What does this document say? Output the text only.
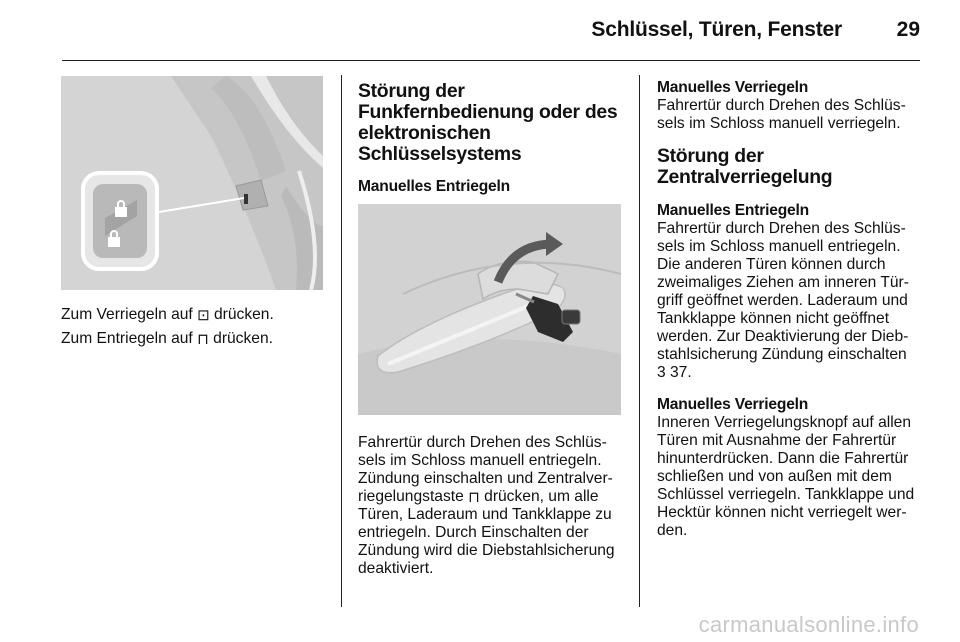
Schlüssel, Türen, Fenster	29

Zum Verriegeln auf ⊡ drücken.

Zum Entriegeln auf ⊓ drücken.

Störung der Funkfernbedienung oder des elektronischen Schlüsselsystems
Manuelles Entriegeln

Fahrertür durch Drehen des Schlüssels im Schloss manuell entriegeln. Zündung einschalten und Zentralverriegelungstaste ⊓ drücken, um alle Türen, Laderaum und Tankklappe zu entriegeln. Durch Einschalten der Zündung wird die Diebstahlsicherung deaktiviert.

Manuelles Verriegeln

Fahrertür durch Drehen des Schlüssels im Schloss manuell verriegeln.

Störung der Zentralverriegelung
Manuelles Entriegeln

Fahrertür durch Drehen des Schlüssels im Schloss manuell entriegeln. Die anderen Türen können durch zweimaliges Ziehen am inneren Türgriff geöffnet werden. Laderaum und Tankklappe können nicht geöffnet werden. Zur Deaktivierung der Diebstahlsicherung Zündung einschalten
3 37.

Manuelles Verriegeln

Inneren Verriegelungsknopf auf allen Türen mit Ausnahme der Fahrertür hinunterdrücken. Dann die Fahrertür schließen und von außen mit dem Schlüssel verriegeln. Tankklappe und Hecktür können nicht verriegelt werden.

carmanualsonline.info
